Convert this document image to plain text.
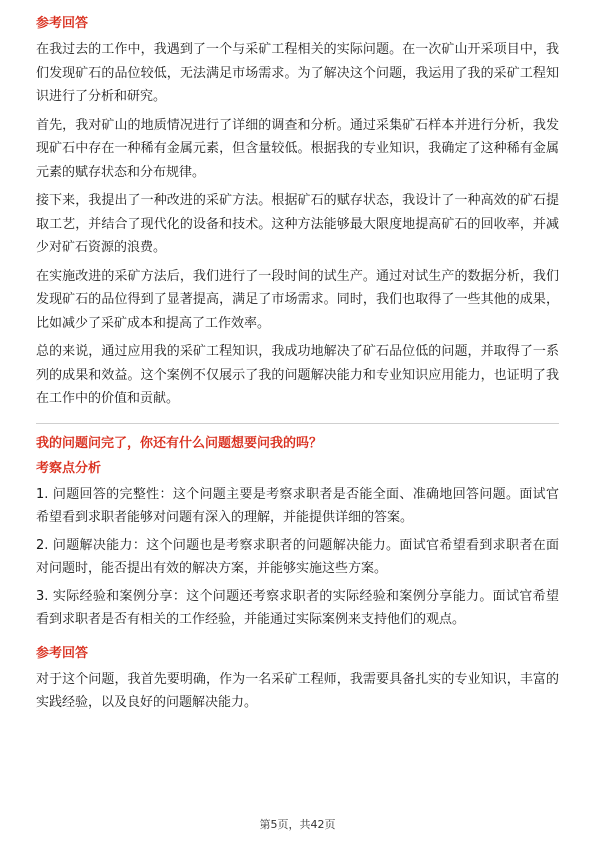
参考回答
在我过去的工作中，我遇到了一个与采矿工程相关的实际问题。在一次矿山开采项目中，我们发现矿石的品位较低，无法满足市场需求。为了解决这个问题，我运用了我的采矿工程知识进行了分析和研究。
首先，我对矿山的地质情况进行了详细的调查和分析。通过采集矿石样本并进行分析，我发现矿石中存在一种稀有金属元素，但含量较低。根据我的专业知识，我确定了这种稀有金属元素的赋存状态和分布规律。
接下来，我提出了一种改进的采矿方法。根据矿石的赋存状态，我设计了一种高效的矿石提取工艺，并结合了现代化的设备和技术。这种方法能够最大限度地提高矿石的回收率，并减少对矿石资源的浪费。
在实施改进的采矿方法后，我们进行了一段时间的试生产。通过对试生产的数据分析，我们发现矿石的品位得到了显著提高，满足了市场需求。同时，我们也取得了一些其他的成果，比如减少了采矿成本和提高了工作效率。
总的来说，通过应用我的采矿工程知识，我成功地解决了矿石品位低的问题，并取得了一系列的成果和效益。这个案例不仅展示了我的问题解决能力和专业知识应用能力，也证明了我在工作中的价值和贡献。
我的问题问完了，你还有什么问题想要问我的吗？
考察点分析
1. 问题回答的完整性：这个问题主要是考察求职者是否能全面、准确地回答问题。面试官希望看到求职者能够对问题有深入的理解，并能提供详细的答案。
2. 问题解决能力：这个问题也是考察求职者的问题解决能力。面试官希望看到求职者在面对问题时，能否提出有效的解决方案，并能够实施这些方案。
3. 实际经验和案例分享：这个问题还考察求职者的实际经验和案例分享能力。面试官希望看到求职者是否有相关的工作经验，并能通过实际案例来支持他们的观点。
参考回答
对于这个问题，我首先要明确，作为一名采矿工程师，我需要具备扎实的专业知识，丰富的实践经验，以及良好的问题解决能力。
第5页，共42页
